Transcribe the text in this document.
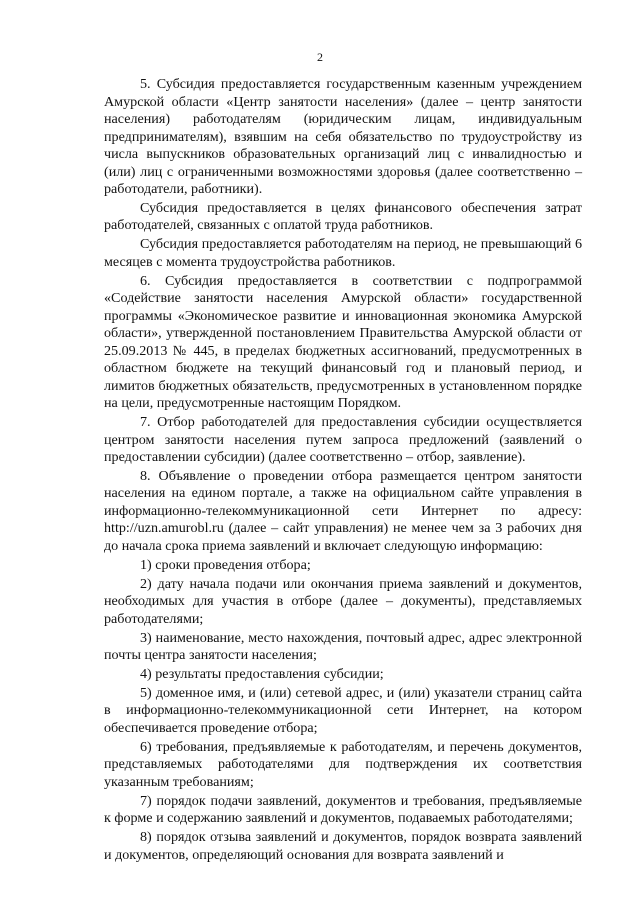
2

5. Субсидия предоставляется государственным казенным учреждением Амурской области «Центр занятости населения» (далее – центр занятости населения) работодателям (юридическим лицам, индивидуальным предпринимателям), взявшим на себя обязательство по трудоустройству из числа выпускников образовательных организаций лиц с инвалидностью и (или) лиц с ограниченными возможностями здоровья (далее соответственно – работодатели, работники).

Субсидия предоставляется в целях финансового обеспечения затрат работодателей, связанных с оплатой труда работников.

Субсидия предоставляется работодателям на период, не превышающий 6 месяцев с момента трудоустройства работников.

6. Субсидия предоставляется в соответствии с подпрограммой «Содействие занятости населения Амурской области» государственной программы «Экономическое развитие и инновационная экономика Амурской области», утвержденной постановлением Правительства Амурской области от 25.09.2013 № 445, в пределах бюджетных ассигнований, предусмотренных в областном бюджете на текущий финансовый год и плановый период, и лимитов бюджетных обязательств, предусмотренных в установленном порядке на цели, предусмотренные настоящим Порядком.

7. Отбор работодателей для предоставления субсидии осуществляется центром занятости населения путем запроса предложений (заявлений о предоставлении субсидии) (далее соответственно – отбор, заявление).

8. Объявление о проведении отбора размещается центром занятости населения на едином портале, а также на официальном сайте управления в информационно-телекоммуникационной сети Интернет по адресу: http://uzn.amurobl.ru (далее – сайт управления) не менее чем за 3 рабочих дня до начала срока приема заявлений и включает следующую информацию:

1) сроки проведения отбора;

2) дату начала подачи или окончания приема заявлений и документов, необходимых для участия в отборе (далее – документы), представляемых работодателями;

3) наименование, место нахождения, почтовый адрес, адрес электронной почты центра занятости населения;

4) результаты предоставления субсидии;

5) доменное имя, и (или) сетевой адрес, и (или) указатели страниц сайта в информационно-телекоммуникационной сети Интернет, на котором обеспечивается проведение отбора;

6) требования, предъявляемые к работодателям, и перечень документов, представляемых работодателями для подтверждения их соответствия указанным требованиям;

7) порядок подачи заявлений, документов и требования, предъявляемые к форме и содержанию заявлений и документов, подаваемых работодателями;

8) порядок отзыва заявлений и документов, порядок возврата заявлений и документов, определяющий основания для возврата заявлений и
